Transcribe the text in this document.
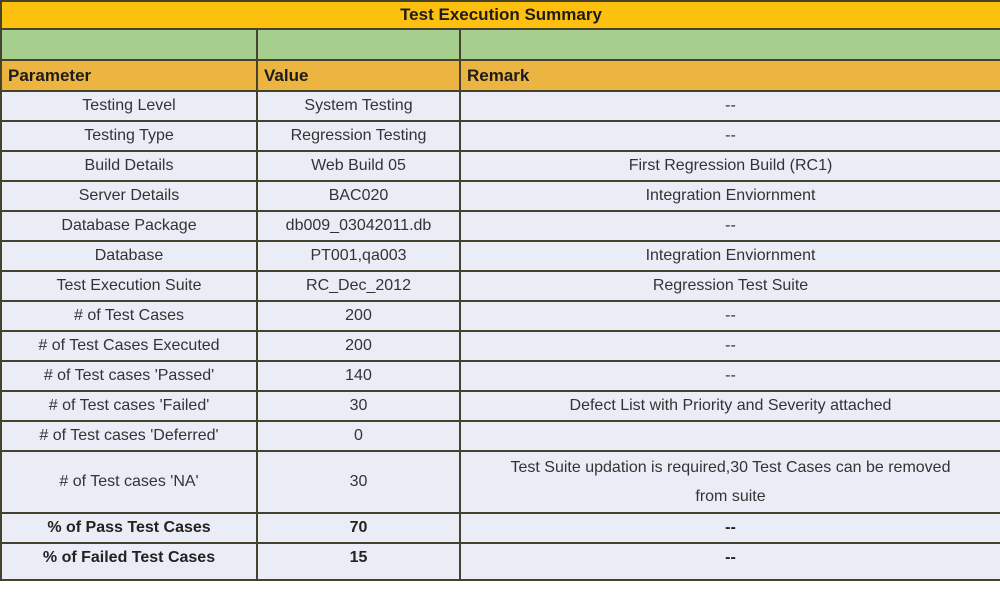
Test Execution Summary		

Parameter	Value	Remark
Testing Level	System Testing	--
Testing Type	Regression Testing	--
Build Details	Web Build 05	First Regression Build (RC1)
Server Details	BAC020	Integration Enviornment
Database Package	db009_03042011.db	--
Database	PT001,qa003	Integration Enviornment
Test Execution Suite	RC_Dec_2012	Regression Test Suite
# of Test Cases	200	--
# of Test Cases Executed	200	--
# of Test cases 'Passed'	140	--
# of Test cases 'Failed'	30	Defect List with Priority and Severity attached
# of Test cases 'Deferred'	0	
# of Test cases 'NA'	30	Test Suite updation is required,30 Test Cases can be removed from suite
% of Pass Test Cases	70	--
% of Failed Test Cases	15	--
